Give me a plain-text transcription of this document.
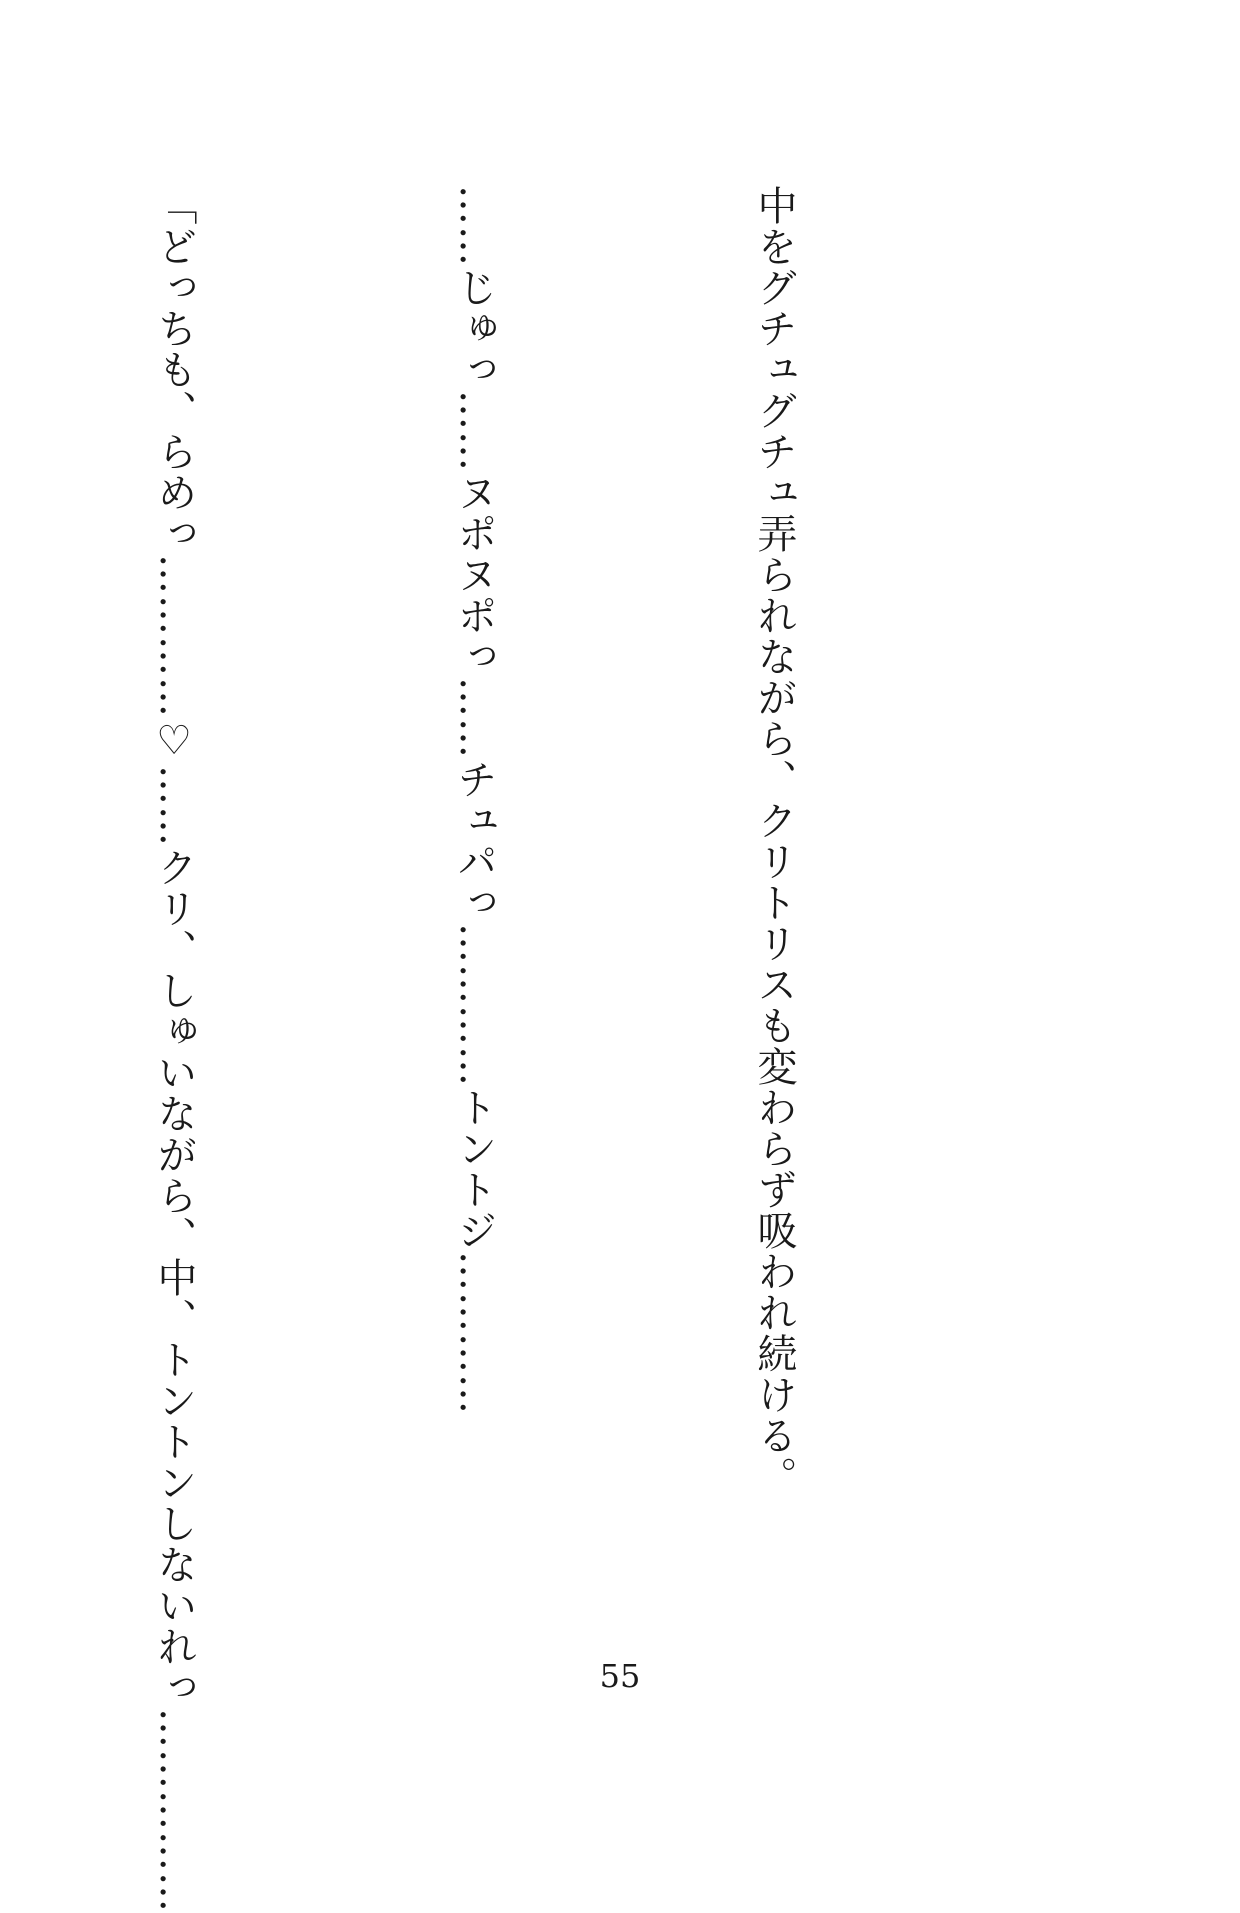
中をグチュグチュ弄られながら、クリトリスも変わらず吸われ続ける。

……じゅっ……ヌポヌポっ……チュパっ…………トントジ…………

「どっちも、らめっ…………♡……クリ、しゅいながら、中、トントンしないれっ……………

	55
